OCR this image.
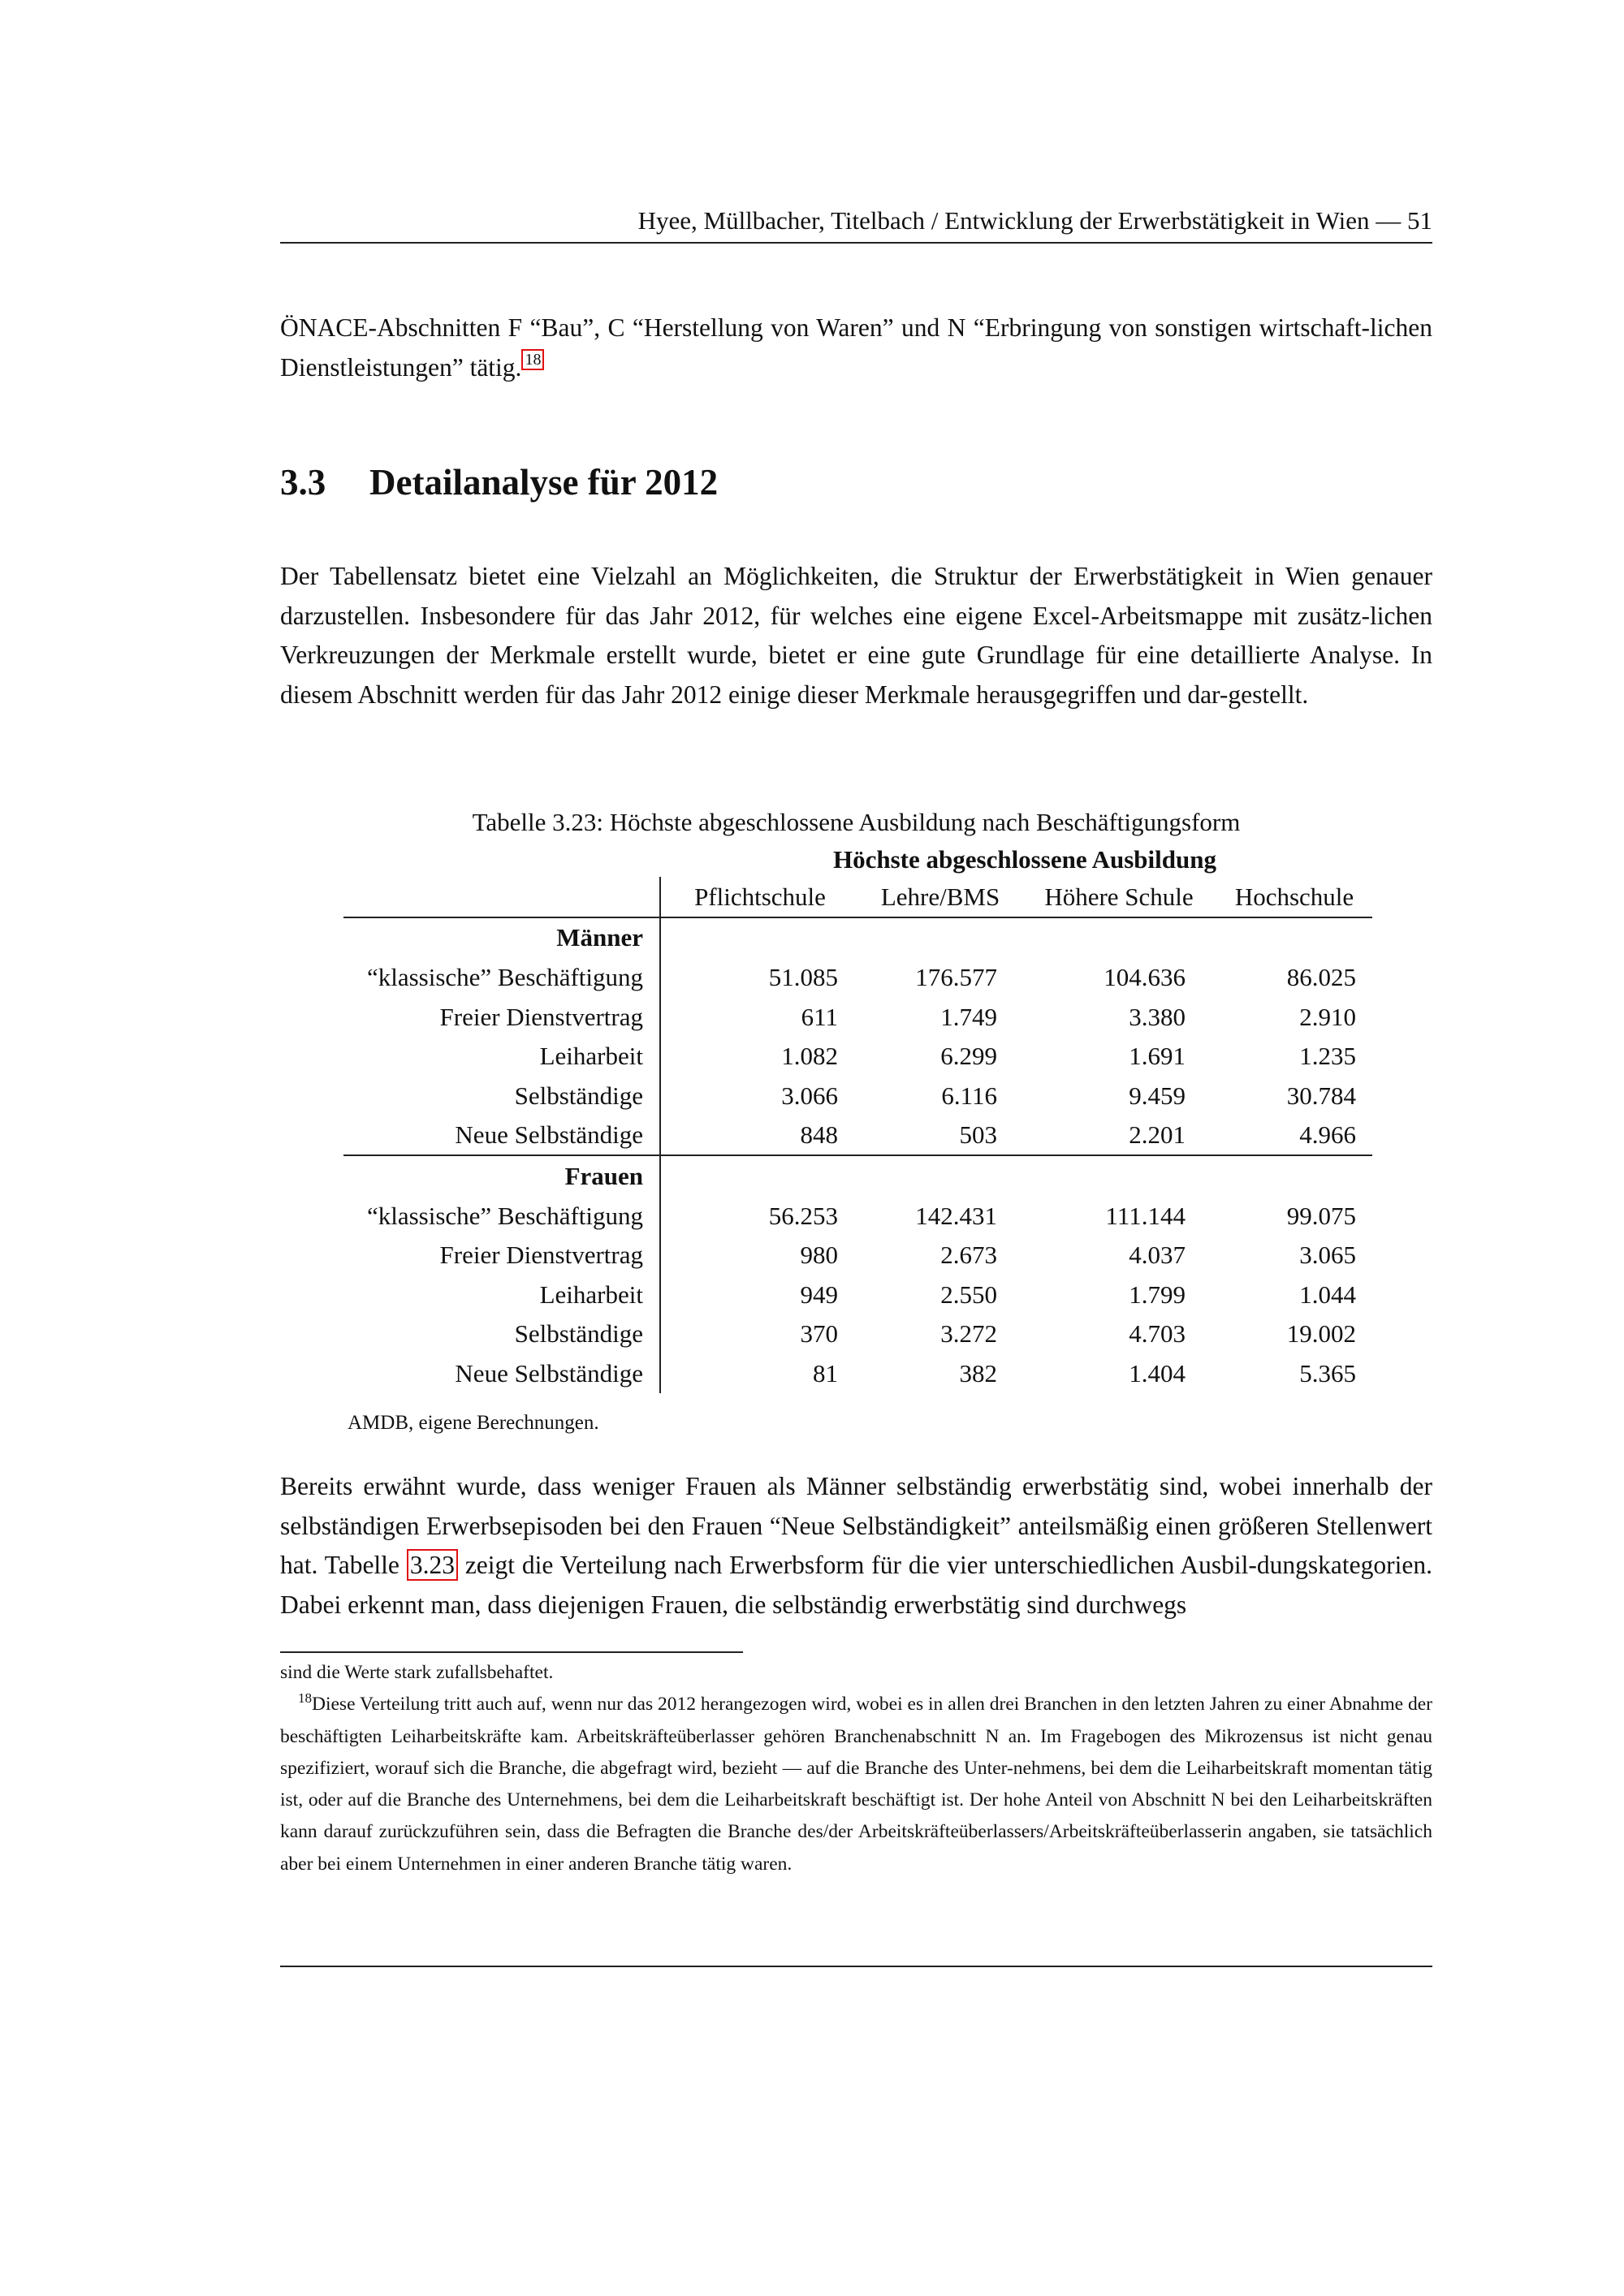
Hyee, Müllbacher, Titelbach / Entwicklung der Erwerbstätigkeit in Wien — 51

ÖNACE-Abschnitten F “Bau”, C “Herstellung von Waren” und N “Erbringung von sonstigen wirtschaft-lichen Dienstleistungen” tätig. $^{18}$

3.3 Detailanalyse für 2012

Der Tabellensatz bietet eine Vielzahl an Möglichkeiten, die Struktur der Erwerbstätigkeit in Wien genauer darzustellen. Insbesondere für das Jahr 2012, für welches eine eigene Excel-Arbeitsmappe mit zusätz-lichen Verkreuzungen der Merkmale erstellt wurde, bietet er eine gute Grundlage für eine detaillierte Analyse. In diesem Abschnitt werden für das Jahr 2012 einige dieser Merkmale herausgegriffen und dar-gestellt.

Tabelle 3.23: Höchste abgeschlossene Ausbildung nach Beschäftigungsform
Höchste abgeschlossene Ausbildung
	Pflichtschule	Lehre/BMS	Höhere Schule	Hochschule
Männer				
“klassische” Beschäftigung	51.085	176.577	104.636	86.025
Freier Dienstvertrag	611	1.749	3.380	2.910
Leiharbeit	1.082	6.299	1.691	1.235
Selbständige	3.066	6.116	9.459	30.784
Neue Selbständige	848	503	2.201	4.966
Frauen				
“klassische” Beschäftigung	56.253	142.431	111.144	99.075
Freier Dienstvertrag	980	2.673	4.037	3.065
Leiharbeit	949	2.550	1.799	1.044
Selbständige	370	3.272	4.703	19.002
Neue Selbständige	81	382	1.404	5.365
AMDB, eigene Berechnungen.

Bereits erwähnt wurde, dass weniger Frauen als Männer selbständig erwerbstätig sind, wobei innerhalb der selbständigen Erwerbsepisoden bei den Frauen “Neue Selbständigkeit” anteilsmäßig einen größeren Stellenwert hat. Tabelle 3.23 zeigt die Verteilung nach Erwerbsform für die vier unterschiedlichen Ausbil-dungskategorien. Dabei erkennt man, dass diejenigen Frauen, die selbständig erwerbstätig sind durchwegs

sind die Werte stark zufallsbehaftet.

$^{18}$Diese Verteilung tritt auch auf, wenn nur das 2012 herangezogen wird, wobei es in allen drei Branchen in den letzten Jahren zu einer Abnahme der beschäftigten Leiharbeitskräfte kam. Arbeitskräfteüberlasser gehören Branchenabschnitt N an. Im Fragebogen des Mikrozensus ist nicht genau spezifiziert, worauf sich die Branche, die abgefragt wird, bezieht — auf die Branche des Unter-nehmens, bei dem die Leiharbeitskraft momentan tätig ist, oder auf die Branche des Unternehmens, bei dem die Leiharbeitskraft beschäftigt ist. Der hohe Anteil von Abschnitt N bei den Leiharbeitskräften kann darauf zurückzuführen sein, dass die Befragten die Branche des/der Arbeitskräfteüberlassers/Arbeitskräfteüberlasserin angaben, sie tatsächlich aber bei einem Unternehmen in einer anderen Branche tätig waren.
